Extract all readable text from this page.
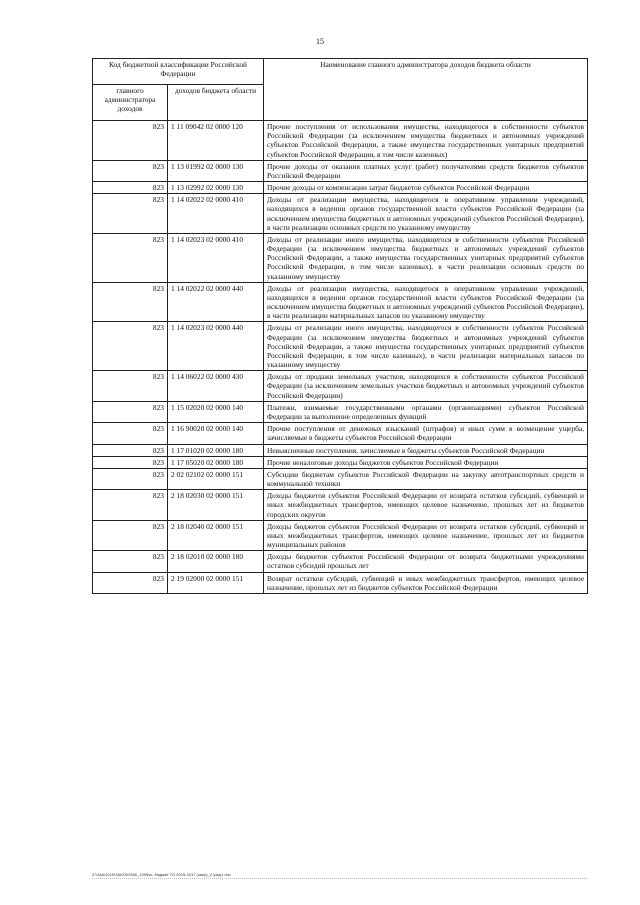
15
Код бюджетной классификации Российской Федерации		Наименование главного администратора доходов бюджета области
главного администратора доходов	доходов бюджета области	
823	1 11 09042 02 0000 120	Прочие поступления от использования имущества, находящегося в собственности субъектов Российской Федерации (за исключением имущества бюджетных и автономных учреждений субъектов Российской Федерации, а также имущества государственных унитарных предприятий субъектов Российской Федерации, в том числе казенных)
823	1 13 01992 02 0000 130	Прочие доходы от оказания платных услуг (работ) получателями средств бюджетов субъектов Российской Федерации
823	1 13 02992 02 0000 130	Прочие доходы от компенсации затрат бюджетов субъектов Российской Федерации
823	1 14 02022 02 0000 410	Доходы от реализации имущества, находящегося в оперативном управлении учреждений, находящихся в ведении органов государственной власти субъектов Российской Федерации (за исключением имущества бюджетных и автономных учреждений субъектов Российской Федерации), в части реализации основных средств по указанному имуществу
823	1 14 02023 02 0000 410	Доходы от реализации иного имущества, находящегося в собственности субъектов Российской Федерации (за исключением имущества бюджетных и автономных учреждений субъектов Российской Федерации, а также имущества государственных унитарных предприятий субъектов Российской Федерации, в том числе казенных), в части реализации основных средств по указанному имуществу
823	1 14 02022 02 0000 440	Доходы от реализации имущества, находящегося в оперативном управлении учреждений, находящихся в ведении органов государственной власти субъектов Российской Федерации (за исключением имущества бюджетных и автономных учреждений субъектов Российской Федерации), в части реализации материальных запасов по указанному имуществу
823	1 14 02023 02 0000 440	Доходы от реализации иного имущества, находящегося в собственности субъектов Российской Федерации (за исключением имущества бюджетных и автономных учреждений субъектов Российской Федерации, а также имущества государственных унитарных предприятий субъектов Российской Федерации, в том числе казенных), в части реализации материальных запасов по указанному имуществу
823	1 14 06022 02 0000 430	Доходы от продажи земельных участков, находящихся в собственности субъектов Российской Федерации (за исключением земельных участков бюджетных и автономных учреждений субъектов Российской Федерации)
823	1 15 02020 02 0000 140	Платежи, взимаемые государственными органами (организациями) субъектов Российской Федерации за выполнение определенных функций
823	1 16 90020 02 0000 140	Прочие поступления от денежных взысканий (штрафов) и иных сумм в возмещение ущерба, зачисляемые в бюджеты субъектов Российской Федерации
823	1 17 01020 02 0000 180	Невыясненные поступления, зачисляемые в бюджеты субъектов Российской Федерации
823	1 17 05020 02 0000 180	Прочие неналоговые доходы бюджетов субъектов Российской Федерации
823	2 02 02102 02 0000 151	Субсидии бюджетам субъектов Российской Федерации на закупку автотранспортных средств и коммунальной техники
823	2 18 02030 02 0000 151	Доходы бюджетов субъектов Российской Федерации от возврата остатков субсидий, субвенций и иных межбюджетных трансфертов, имеющих целевое назначение, прошлых лет из бюджетов городских округов
823	2 18 02040 02 0000 151	Доходы бюджетов субъектов Российской Федерации от возврата остатков субсидий, субвенций и иных межбюджетных трансфертов, имеющих целевое назначение, прошлых лет из бюджетов муниципальных районов
823	2 18 02010 02 0000 180	Доходы бюджетов субъектов Российской Федерации от возврата бюджетными учреждениями остатков субсидий прошлых лет
823	2 19 02000 02 0000 151	Возврат остатков субсидий, субвенций и иных межбюджетных трансфертов, имеющих целевое назначение, прошлых лет из бюджетов субъектов Российской Федерации
Z:\ЗАК\2015\ЗАКОН\ЗАК_1995\ю. бюджет ТО 2015-2017 (запр)_2 \ред1.doc
